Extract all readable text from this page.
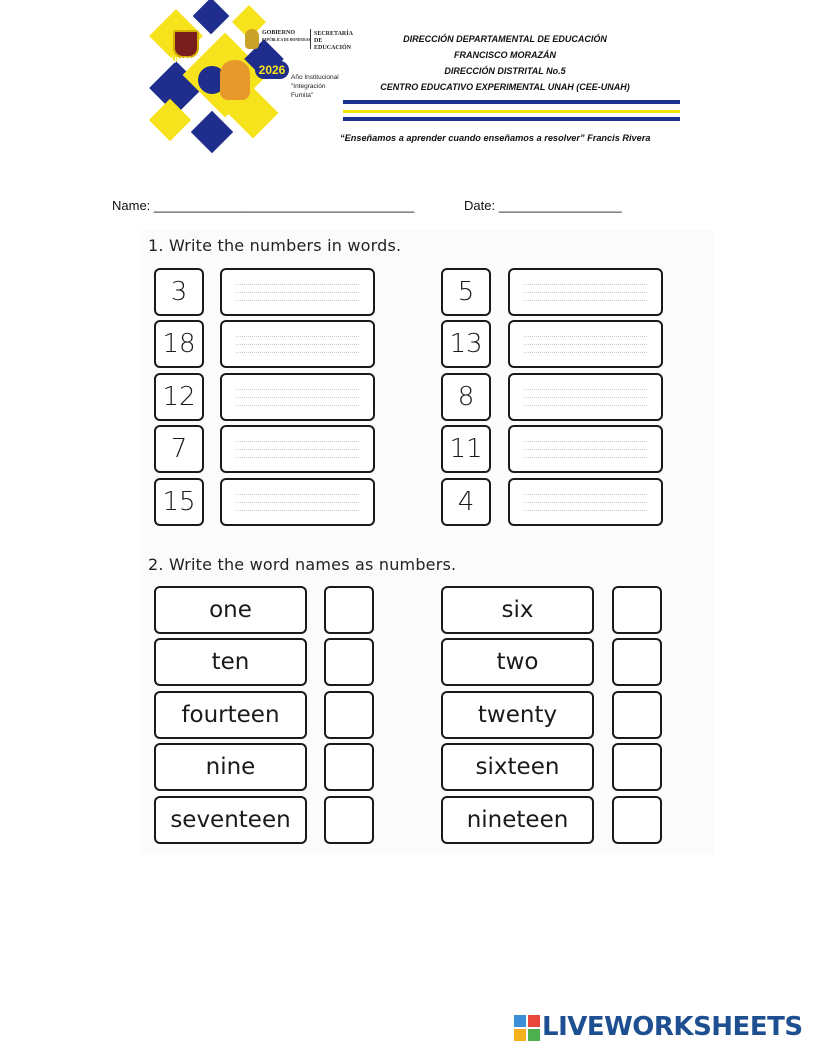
UNAH
GOBIERNO
REPÚBLICA DE HONDURAS
SECRETARÍA
DE EDUCACIÓN
2026
Año Institucional
"Integración Fumita"
DIRECCIÓN DEPARTAMENTAL DE EDUCACIÓN
FRANCISCO MORAZÁN
DIRECCIÓN DISTRITAL No.5
CENTRO EDUCATIVO EXPERIMENTAL UNAH (CEE-UNAH)
“Enseñamos a aprender cuando enseñamos a resolver” Francis Rivera
Name: ____________________________________	Date: _________________
1. Write the numbers in words.
3
18
12
7
15
5
13
8
11
4
2. Write the word names as numbers.
one
ten
fourteen
nine
seventeen
six
two
twenty
sixteen
nineteen
LIVEWORKSHEETS
